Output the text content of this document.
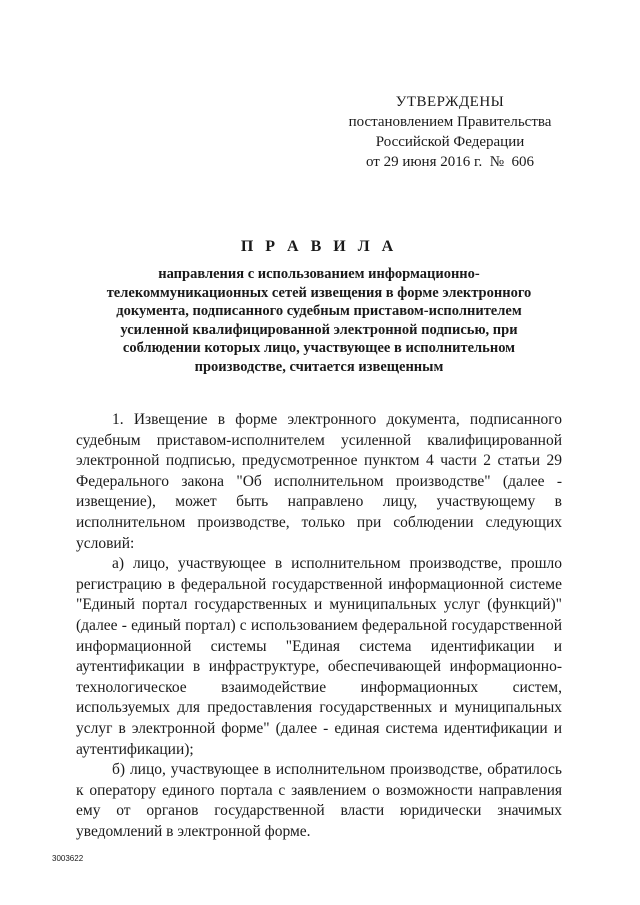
УТВЕРЖДЕНЫ
постановлением Правительства
Российской Федерации
от 29 июня 2016 г.  №  606
П Р А В И Л А
направления с использованием информационно-
телекоммуникационных сетей извещения в форме электронного
документа, подписанного судебным приставом-исполнителем
усиленной квалифицированной электронной подписью, при
соблюдении которых лицо, участвующее в исполнительном
производстве, считается извещенным

1. Извещение в форме электронного документа, подписанного судебным приставом-исполнителем усиленной квалифицированной электронной подписью, предусмотренное пунктом 4 части 2 статьи 29 Федерального закона "Об исполнительном производстве" (далее - извещение), может быть направлено лицу, участвующему в исполнительном производстве, только при соблюдении следующих условий:

а) лицо, участвующее в исполнительном производстве, прошло регистрацию в федеральной государственной информационной системе "Единый портал государственных и муниципальных услуг (функций)" (далее - единый портал) с использованием федеральной государственной информационной системы "Единая система идентификации и аутентификации в инфраструктуре, обеспечивающей информационно-технологическое взаимодействие информационных систем, используемых для предоставления государственных и муниципальных услуг в электронной форме" (далее - единая система идентификации и аутентификации);

б) лицо, участвующее в исполнительном производстве, обратилось к оператору единого портала с заявлением о возможности направления ему от органов государственной власти юридически значимых уведомлений в электронной форме.

3003622
